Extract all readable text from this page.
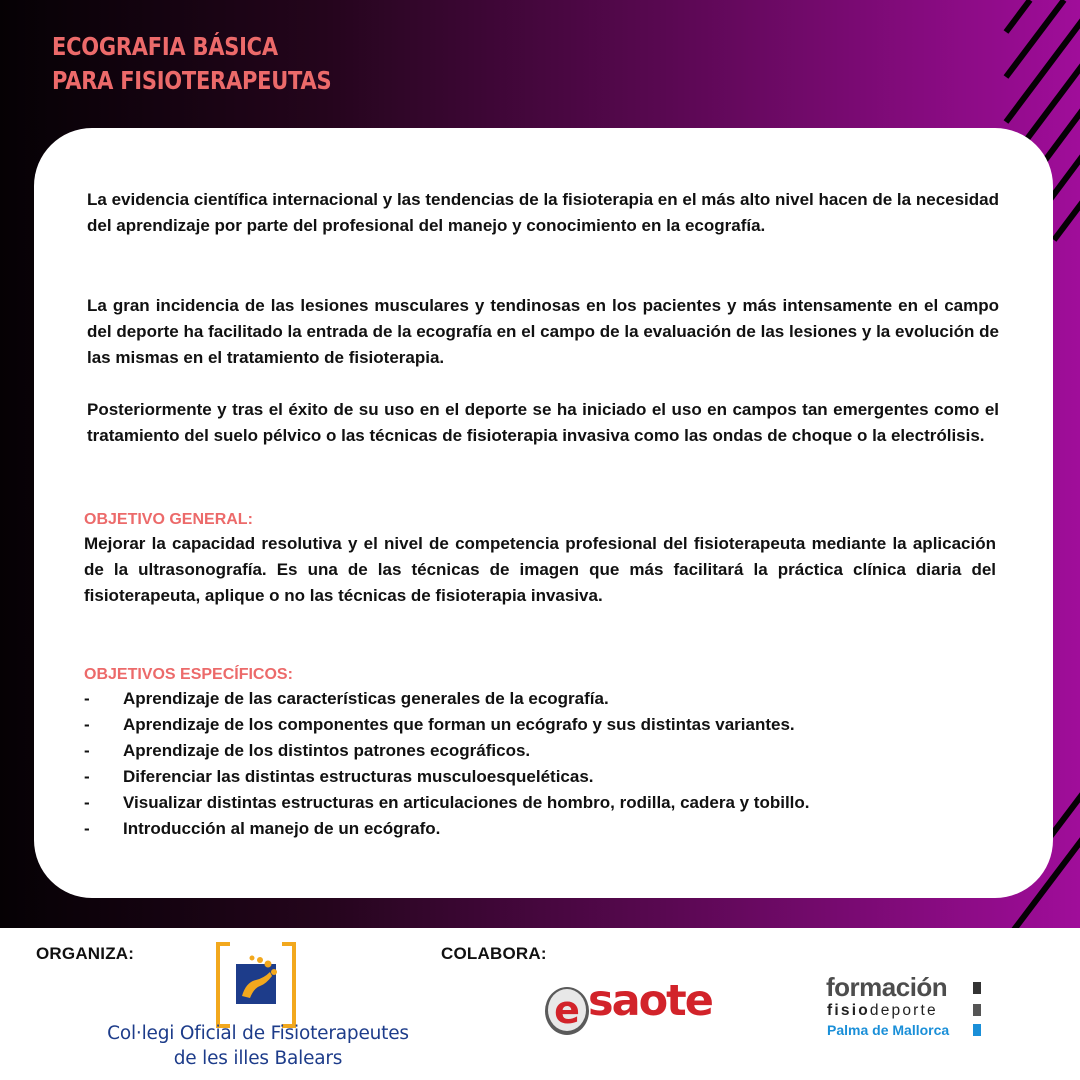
ECOGRAFIA BÁSICA
PARA FISIOTERAPEUTAS

La evidencia científica internacional y las tendencias de la fisioterapia en el más alto nivel hacen de la necesidad del aprendizaje por parte del profesional del manejo y conocimiento en la ecografía.

La gran incidencia de las lesiones musculares y tendinosas en los pacientes y más intensamente en el campo del deporte ha facilitado la entrada de la ecografía en el campo de la evaluación de las lesiones y la evolución de las mismas en el tratamiento de fisioterapia.

Posteriormente y tras el éxito de su uso en el deporte se ha iniciado el uso en campos tan emergentes como el tratamiento del suelo pélvico o las técnicas de fisioterapia invasiva como las ondas de choque o la electrólisis.

OBJETIVO GENERAL:

Mejorar la capacidad resolutiva y el nivel de competencia profesional del fisioterapeuta mediante la aplicación de la ultrasonografía. Es una de las técnicas de imagen que más facilitará la práctica clínica diaria del fisioterapeuta, aplique o no las técnicas de fisioterapia invasiva.

OBJETIVOS ESPECÍFICOS:
- Aprendizaje de las características generales de la ecografía.
- Aprendizaje de los componentes que forman un ecógrafo y sus distintas variantes.
- Aprendizaje de los distintos patrones ecográficos.
- Diferenciar las distintas estructuras musculoesqueléticas.
- Visualizar distintas estructuras en articulaciones de hombro, rodilla, cadera y tobillo.
- Introducción al manejo de un ecógrafo.
ORGANIZA:	COLABORA:
Col·legi Oficial de Fisioterapeutes
de les illes Balears
e saote	formación
fisiodeporte
Palma de Mallorca
